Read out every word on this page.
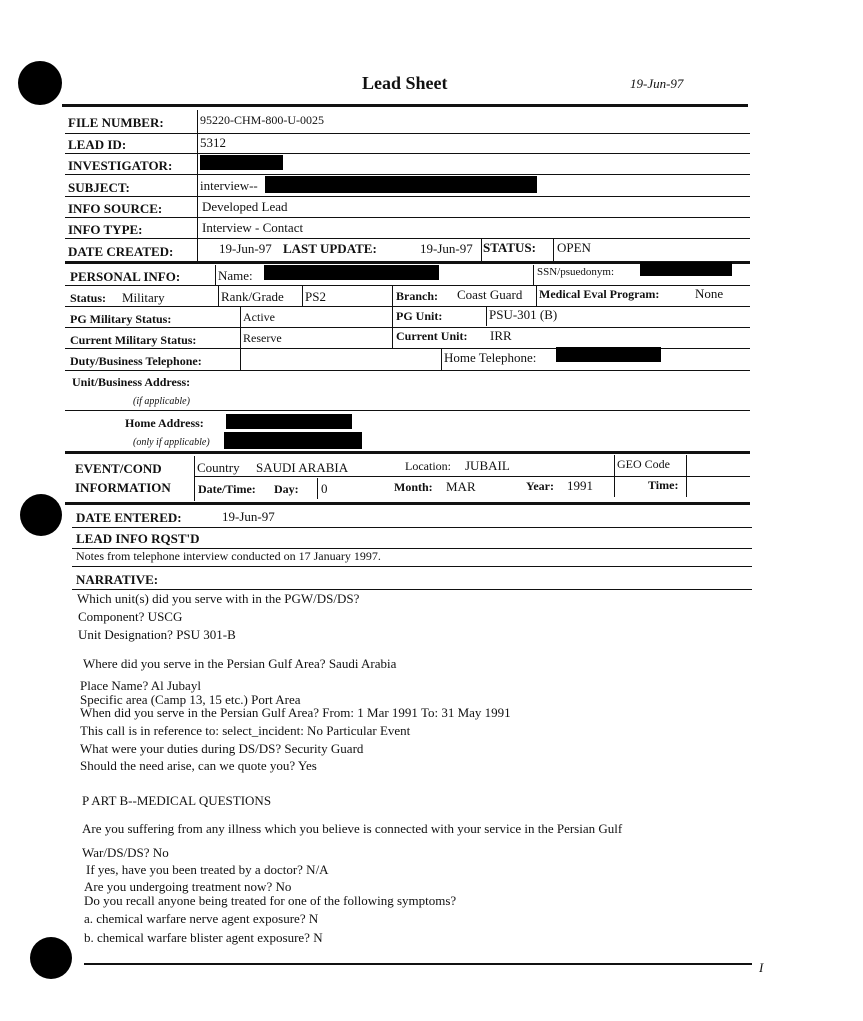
Lead Sheet	19-Jun-97
FILE NUMBER:	95220-CHM-800-U-0025
LEAD ID:	5312
INVESTIGATOR:
SUBJECT:	interview--
INFO SOURCE:	Developed Lead
INFO TYPE:	Interview - Contact
DATE CREATED:	19-Jun-97 LAST UPDATE:	19-Jun-97 STATUS: OPEN
PERSONAL INFO:	Name:	SSN/psuedonym:
Status: Military	Rank/Grade PS2	Branch: Coast Guard Medical Eval Program:	None
PG Military Status:	Active	PG Unit:	PSU-301 (B)
Current Military Status:	Reserve	Current Unit: IRR
Duty/Business Telephone:	Home Telephone:
Unit/Business Address:
(if applicable)
Home Address:
(only if applicable)
EVENT/COND
INFORMATION
Country SAUDI ARABIA	Location: JUBAIL	GEO Code
Date/Time: Day: 0	Month: MAR	Year: 1991	Time:
DATE ENTERED:	19-Jun-97
LEAD INFO RQST'D
Notes from telephone interview conducted on 17 January 1997.
NARRATIVE:
Which unit(s) did you serve with in the PGW/DS/DS?
Component? USCG
Unit Designation? PSU 301-B
Where did you serve in the Persian Gulf Area? Saudi Arabia
Place Name? Al Jubayl
Specific area (Camp 13, 15 etc.) Port Area
When did you serve in the Persian Gulf Area? From: 1 Mar 1991 To: 31 May 1991
This call is in reference to: select_incident: No Particular Event
What were your duties during DS/DS? Security Guard
Should the need arise, can we quote you? Yes
P ART B--MEDICAL QUESTIONS
Are you suffering from any illness which you believe is connected with your service in the Persian Gulf
War/DS/DS? No
If yes, have you been treated by a doctor? N/A
Are you undergoing treatment now? No
Do you recall anyone being treated for one of the following symptoms?
a. chemical warfare nerve agent exposure? N
b. chemical warfare blister agent exposure? N
I
